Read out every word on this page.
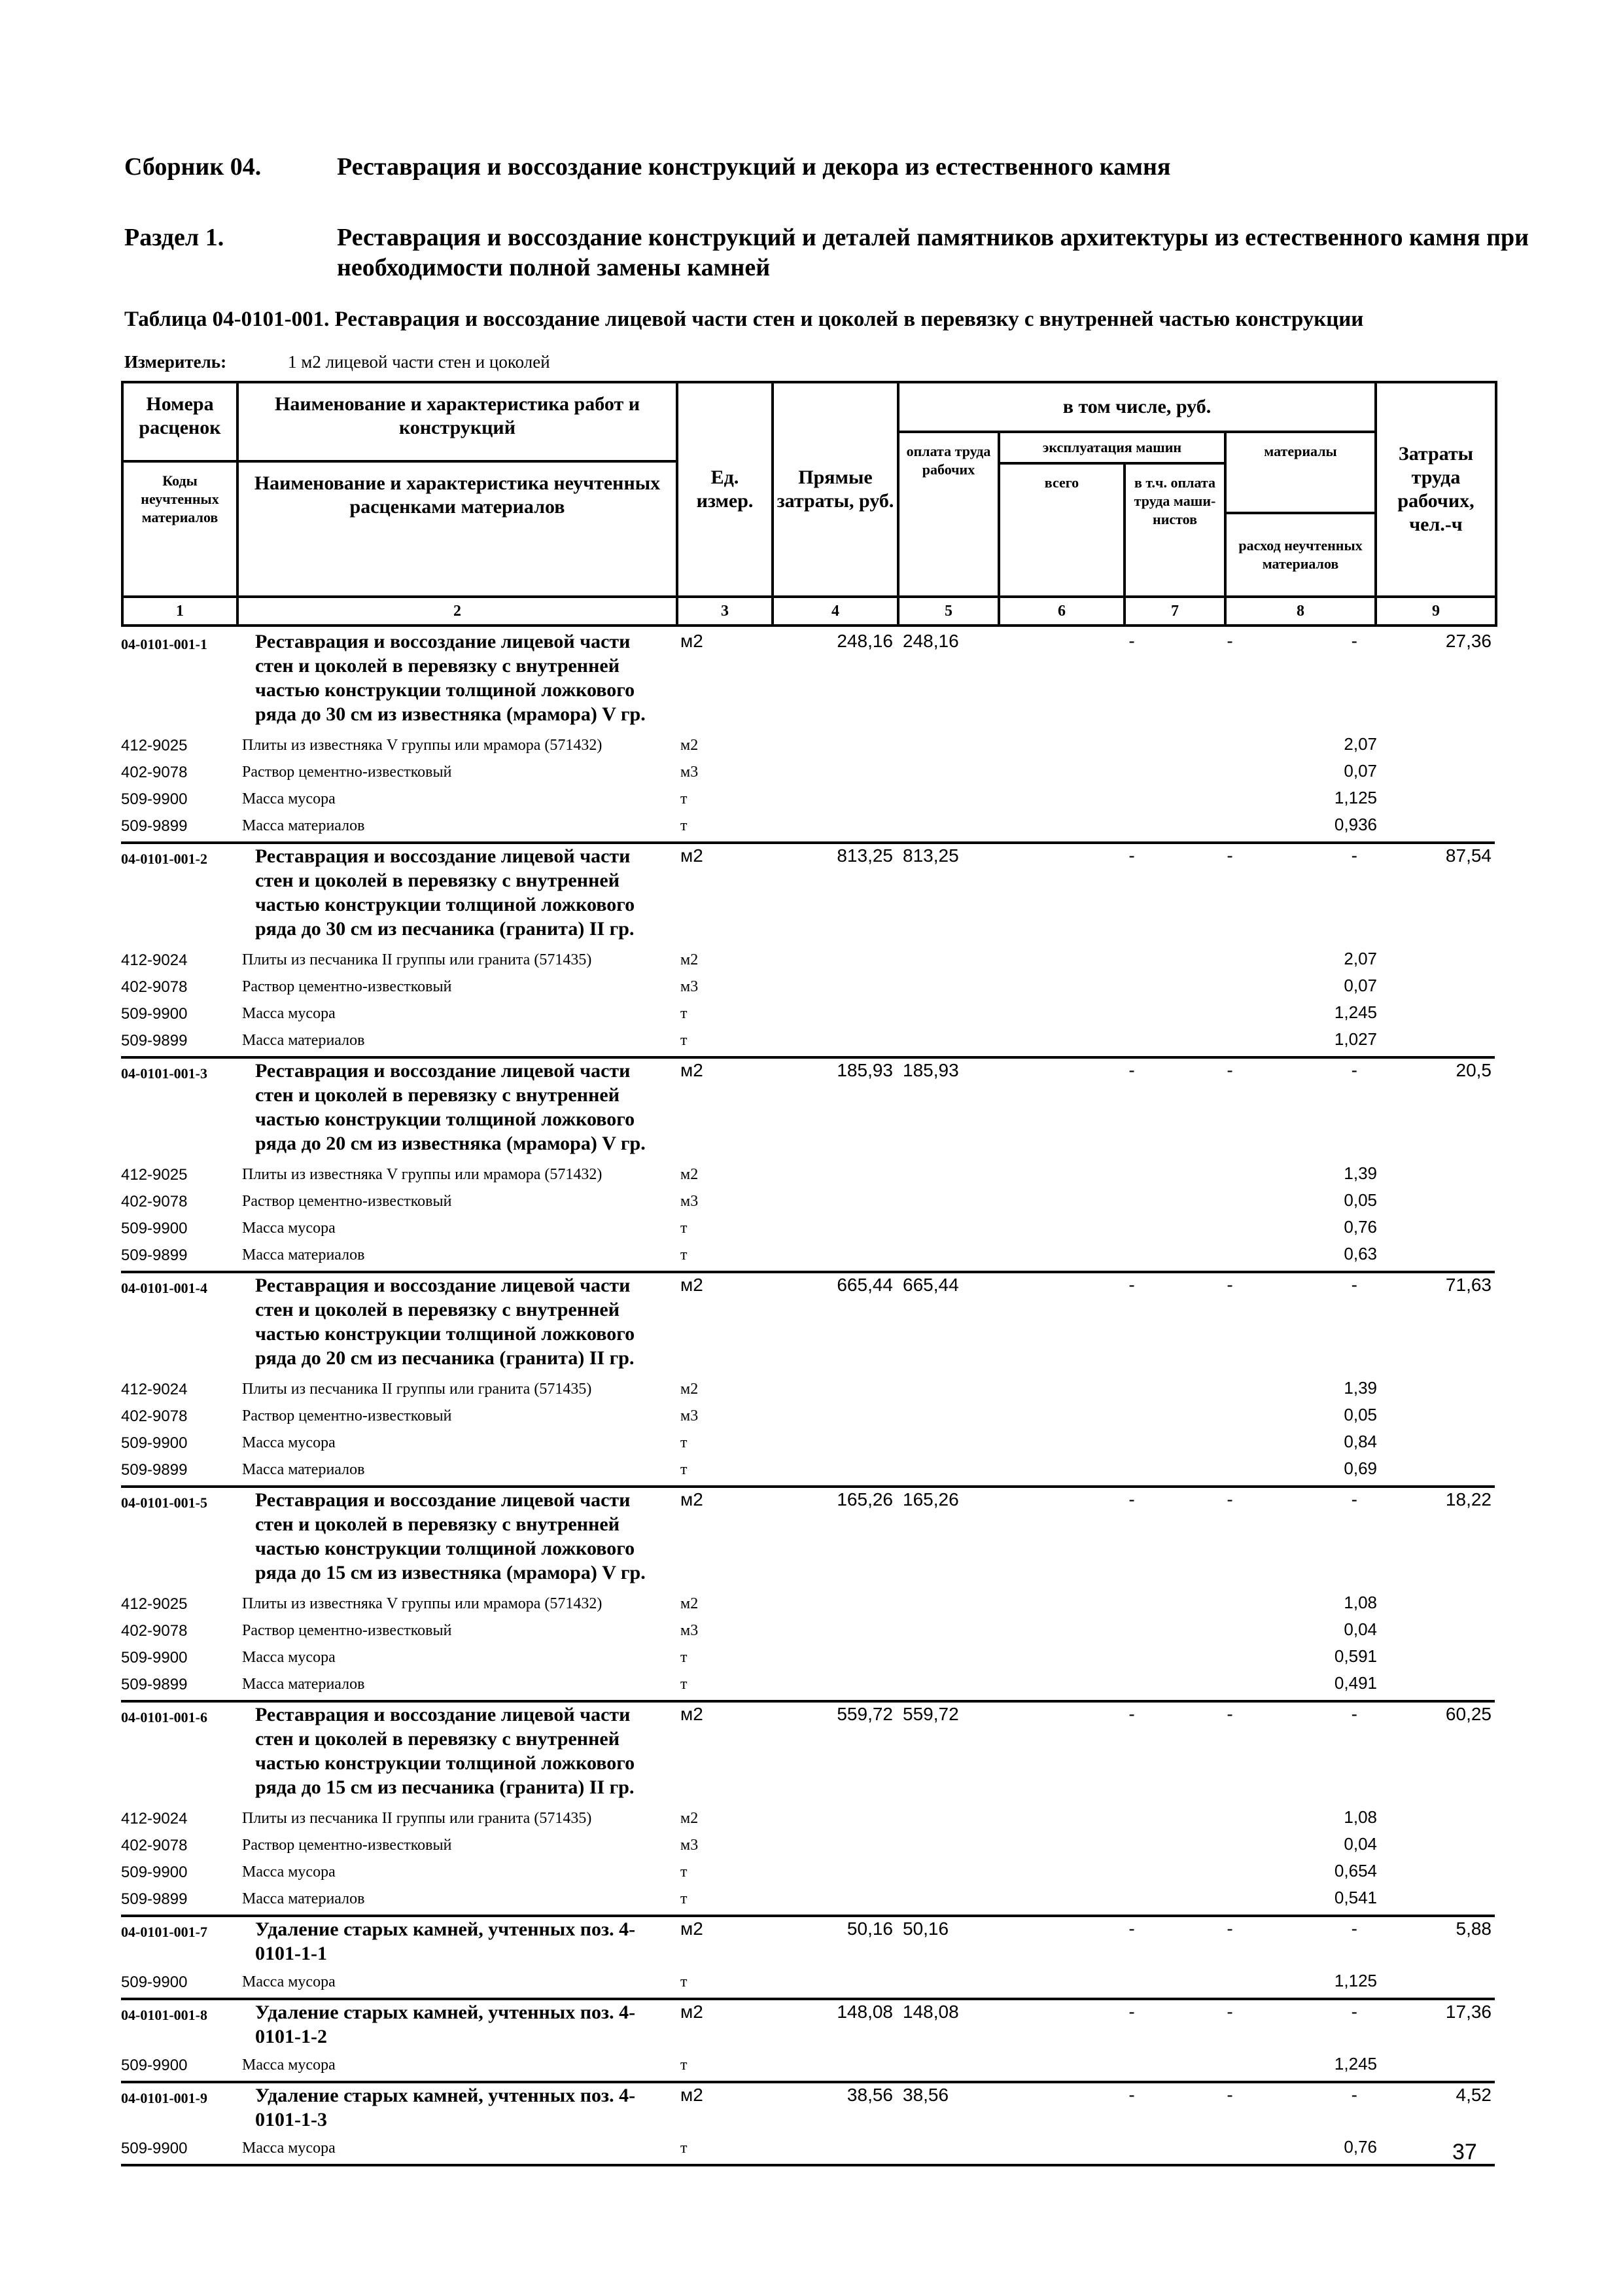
Сборник 04.	Реставрация и воссоздание конструкций и декора из естественного камня
Раздел 1.	Реставрация и воссоздание конструкций и деталей памятников архитектуры из естественного камня при необходимости полной замены камней
Таблица 04-0101-001. Реставрация и воссоздание лицевой части стен и цоколей в перевязку с внутренней частью конструкции
Измеритель:	1 м2 лицевой части стен и цоколей
Номера расценок
Коды неучтенных материалов
Наименование и характеристика работ и конструкций
Наименование и характеристика неучтенных расценками материалов
Ед. измер.
Прямые затраты, руб.
в том числе, руб.
оплата труда рабочих
эксплуатация машин
всего	в т.ч. оплата труда маши-нистов
материалы
расход неучтенных материалов
Затраты труда рабочих, чел.-ч
1	2	3	4	5	6	7	8	9
04-0101-001-1 Реставрация и воссоздание лицевой части стен и цоколей в перевязку с внутренней частью конструкции толщиной ложкового ряда до 30 см из известняка (мрамора) V гр.
м2	248,16 248,16	-	-	-	27,36
412-9025	Плиты из известняка V группы или мрамора (571432)	м2	2,07
402-9078	Раствор цементно-известковый	м3	0,07
509-9900	Масса мусора	т	1,125
509-9899	Масса материалов	т	0,936
04-0101-001-2 Реставрация и воссоздание лицевой части стен и цоколей в перевязку с внутренней частью конструкции толщиной ложкового ряда до 30 см из песчаника (гранита) II гр.
м2	813,25 813,25	-	-	-	87,54
412-9024	Плиты из песчаника II группы или гранита (571435)	м2	2,07
402-9078	Раствор цементно-известковый	м3	0,07
509-9900	Масса мусора	т	1,245
509-9899	Масса материалов	т	1,027
04-0101-001-3 Реставрация и воссоздание лицевой части стен и цоколей в перевязку с внутренней частью конструкции толщиной ложкового ряда до 20 см из известняка (мрамора) V гр.
м2	185,93 185,93	-	-	-	20,5
412-9025	Плиты из известняка V группы или мрамора (571432)	м2	1,39
402-9078	Раствор цементно-известковый	м3	0,05
509-9900	Масса мусора	т	0,76
509-9899	Масса материалов	т	0,63
04-0101-001-4 Реставрация и воссоздание лицевой части стен и цоколей в перевязку с внутренней частью конструкции толщиной ложкового ряда до 20 см из песчаника (гранита) II гр.
м2	665,44 665,44	-	-	-	71,63
412-9024	Плиты из песчаника II группы или гранита (571435)	м2	1,39
402-9078	Раствор цементно-известковый	м3	0,05
509-9900	Масса мусора	т	0,84
509-9899	Масса материалов	т	0,69
04-0101-001-5 Реставрация и воссоздание лицевой части стен и цоколей в перевязку с внутренней частью конструкции толщиной ложкового ряда до 15 см из известняка (мрамора) V гр.
м2	165,26 165,26	-	-	-	18,22
412-9025	Плиты из известняка V группы или мрамора (571432)	м2	1,08
402-9078	Раствор цементно-известковый	м3	0,04
509-9900	Масса мусора	т	0,591
509-9899	Масса материалов	т	0,491
04-0101-001-6 Реставрация и воссоздание лицевой части стен и цоколей в перевязку с внутренней частью конструкции толщиной ложкового ряда до 15 см из песчаника (гранита) II гр.
м2	559,72 559,72	-	-	-	60,25
412-9024	Плиты из песчаника II группы или гранита (571435)	м2	1,08
402-9078	Раствор цементно-известковый	м3	0,04
509-9900	Масса мусора	т	0,654
509-9899	Масса материалов	т	0,541
04-0101-001-7 Удаление старых камней, учтенных поз. 4-0101-1-1
м2	50,16 50,16	-	-	-	5,88
509-9900	Масса мусора	т	1,125
04-0101-001-8 Удаление старых камней, учтенных поз. 4-0101-1-2
м2	148,08 148,08	-	-	-	17,36
509-9900	Масса мусора	т	1,245
04-0101-001-9 Удаление старых камней, учтенных поз. 4-0101-1-3
м2	38,56 38,56	-	-	-	4,52
509-9900	Масса мусора	т	0,76	37
